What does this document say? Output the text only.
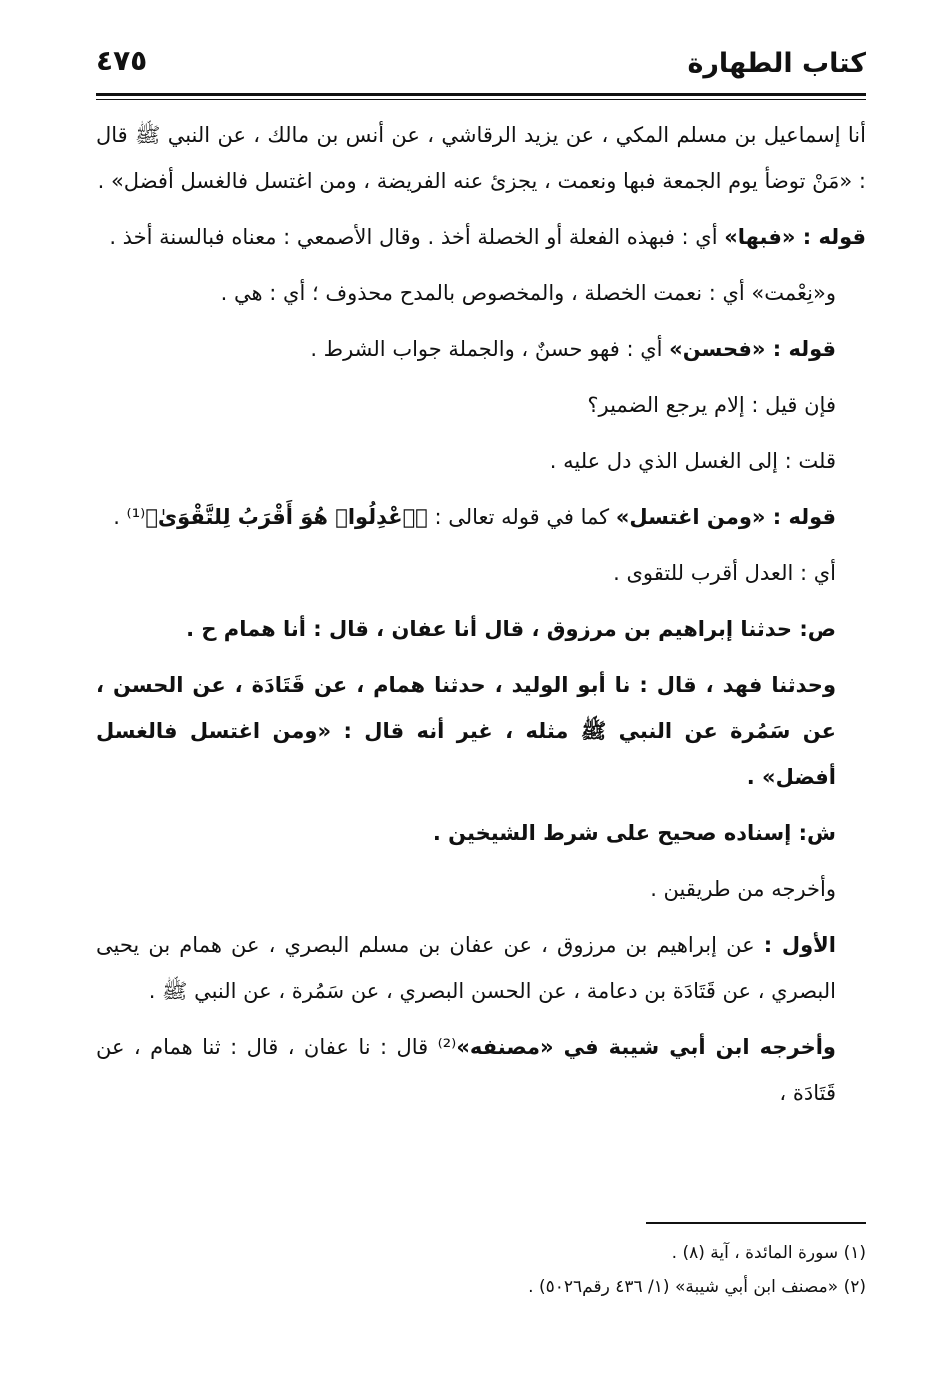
كتاب الطهارة
٤٧٥

أنا إسماعيل بن مسلم المكي ، عن يزيد الرقاشي ، عن أنس بن مالك ، عن النبي ﷺ قال : «مَنْ توضأ يوم الجمعة فبها ونعمت ، يجزئ عنه الفريضة ، ومن اغتسل فالغسل أفضل» .

قوله : «فبها» أي : فبهذه الفعلة أو الخصلة أخذ . وقال الأصمعي : معناه فبالسنة أخذ .

و«نِعْمت» أي : نعمت الخصلة ، والمخصوص بالمدح محذوف ؛ أي : هي .

قوله : «فحسن» أي : فهو حسنٌ ، والجملة جواب الشرط .

فإن قيل : إلام يرجع الضمير؟

قلت : إلى الغسل الذي دل عليه .

قوله : «ومن اغتسل» كما في قوله تعالى : ﴿ٱعْدِلُوا۟ هُوَ أَقْرَبُ لِلتَّقْوَىٰ﴾⁽¹⁾ .

أي : العدل أقرب للتقوى .

ص: حدثنا إبراهيم بن مرزوق ، قال أنا عفان ، قال : أنا همام ح .

وحدثنا فهد ، قال : نا أبو الوليد ، حدثنا همام ، عن قَتَادَة ، عن الحسن ، عن سَمُرة عن النبي ﷺ مثله ، غير أنه قال : «ومن اغتسل فالغسل أفضل» .

ش: إسناده صحيح على شرط الشيخين .

وأخرجه من طريقين .

الأول : عن إبراهيم بن مرزوق ، عن عفان بن مسلم البصري ، عن همام بن يحيى البصري ، عن قَتَادَة بن دعامة ، عن الحسن البصري ، عن سَمُرة ، عن النبي ﷺ .

وأخرجه ابن أبي شيبة في «مصنفه»⁽²⁾ قال : نا عفان ، قال : ثنا همام ، عن قَتَادَة ،

(١) سورة المائدة ، آية (٨) .
(٢) «مصنف ابن أبي شيبة» (١/ ٤٣٦ رقم٥٠٢٦) .
